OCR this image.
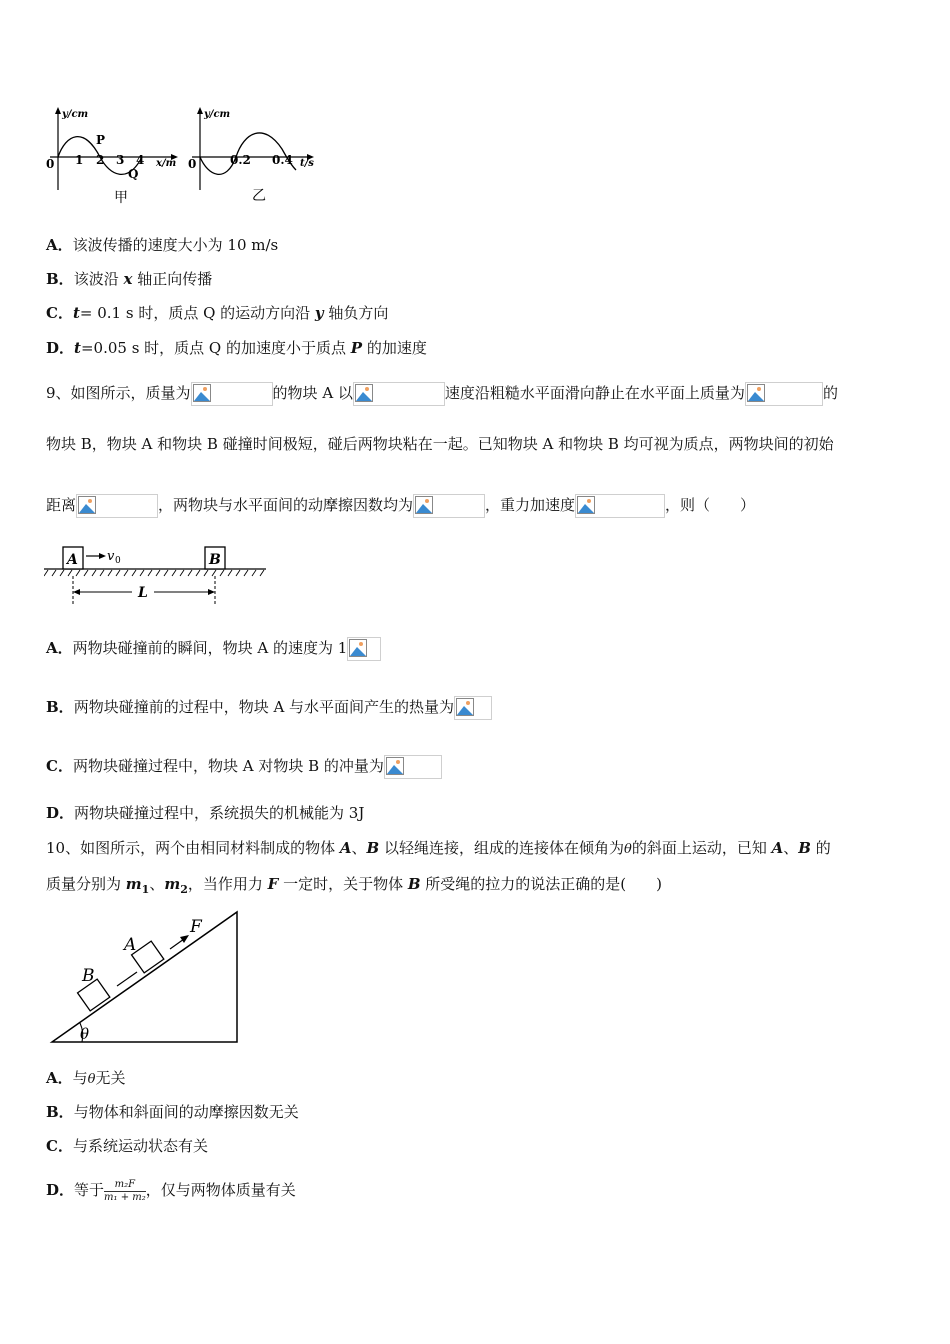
y/cm
x/m
0 1 2 3 4
P
Q
甲
y/cm
t/s
0	0.2 0.4
乙
A．该波传播的速度大小为 10 m/s
B．该波沿 x 轴正向传播
C．t= 0.1 s 时，质点 Q 的运动方向沿 y 轴负方向
D．t=0.05 s 时，质点 Q 的加速度小于质点 P 的加速度
9、如图所示，质量为	的物块 A 以	速度沿粗糙水平面滑向静止在水平面上质量为	的
物块 B，物块 A 和物块 B 碰撞时间极短，碰后两物块粘在一起。已知物块 A 和物块 B 均可视为质点，两物块间的初始
距离	，两物块与水平面间的动摩擦因数均为	，重力加速度	，则（　　）
A	B
v 0
L
A．两物块碰撞前的瞬间，物块 A 的速度为 1
B．两物块碰撞前的过程中，物块 A 与水平面间产生的热量为
C．两物块碰撞过程中，物块 A 对物块 B 的冲量为
D．两物块碰撞过程中，系统损失的机械能为 3J
10、如图所示，两个由相同材料制成的物体 A、B 以轻绳连接，组成的连接体在倾角为θ的斜面上运动，已知 A、B 的
质量分别为 $m_1$、$m_2$，当作用力 F 一定时，关于物体 B 所受绳的拉力的说法正确的是(　　)
θ
B
A
F
A．与θ无关
B．与物体和斜面间的动摩擦因数无关
C．与系统运动状态有关
D．等于 $\frac{\text{m₂F}}{\text{m₁ + m₂}}$ ，仅与两物体质量有关
